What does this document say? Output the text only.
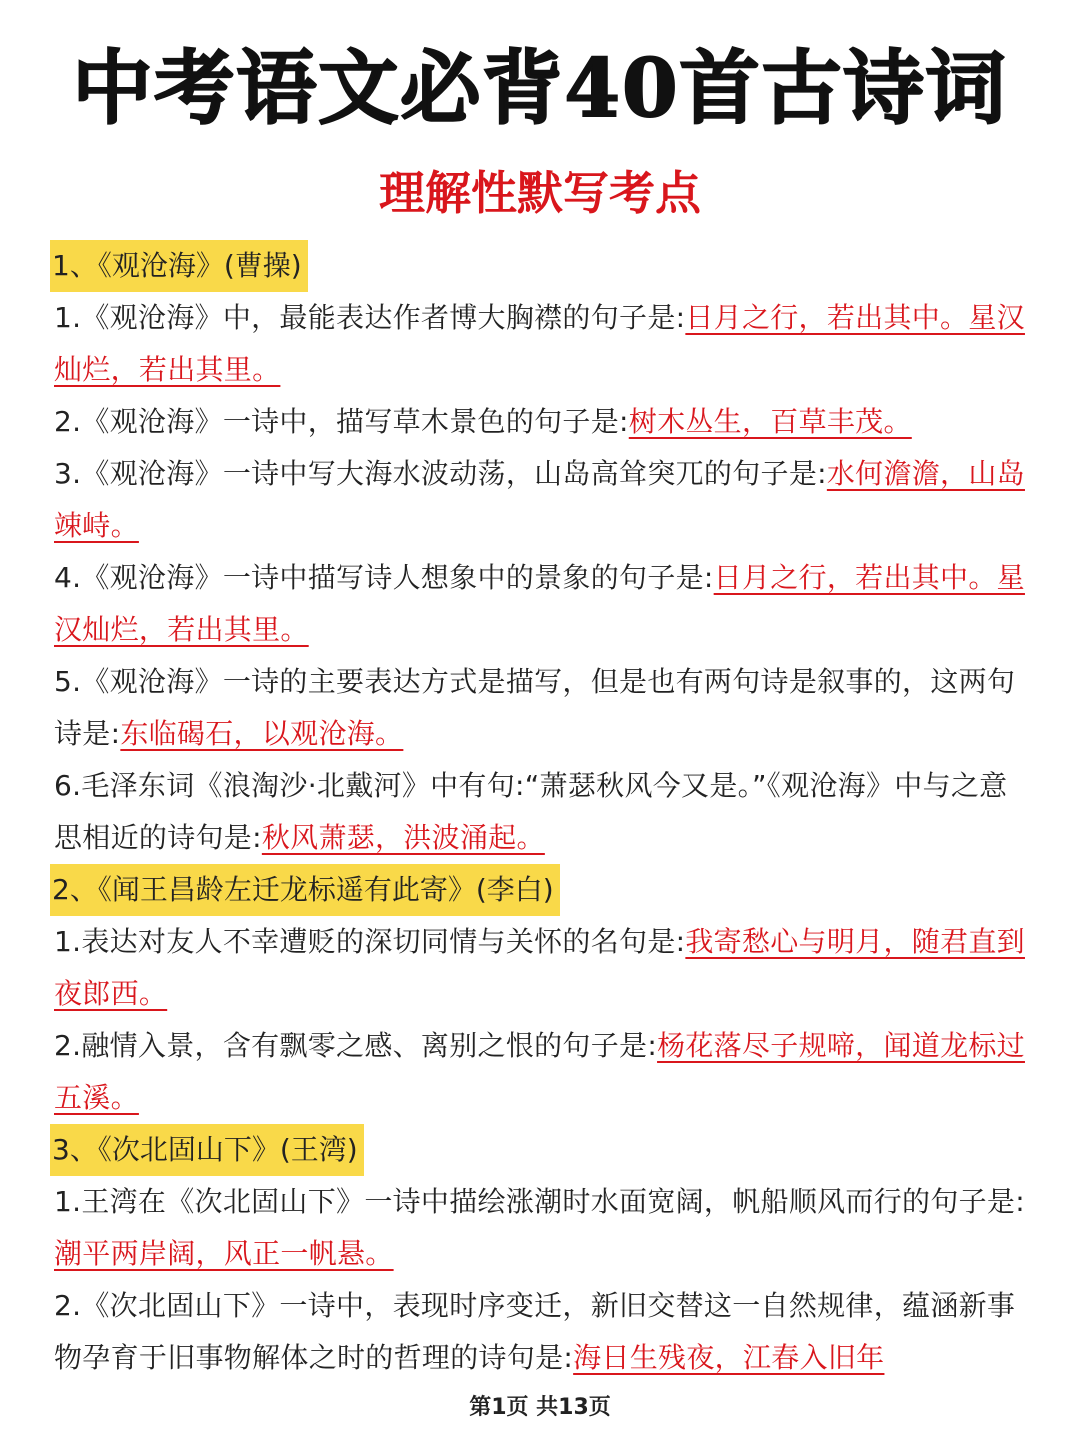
中考语文必背40首古诗词
理解性默写考点
1、《观沧海》(曹操)

1.《观沧海》中，最能表达作者博大胸襟的句子是:日月之行，若出其中。星汉灿烂，若出其里。

2.《观沧海》一诗中，描写草木景色的句子是:树木丛生，百草丰茂。

3.《观沧海》一诗中写大海水波动荡，山岛高耸突兀的句子是:水何澹澹，山岛竦峙。

4.《观沧海》一诗中描写诗人想象中的景象的句子是:日月之行，若出其中。星汉灿烂，若出其里。

5.《观沧海》一诗的主要表达方式是描写，但是也有两句诗是叙事的，这两句诗是:东临碣石，以观沧海。

6.毛泽东词《浪淘沙·北戴河》中有句:“萧瑟秋风今又是。”《观沧海》中与之意思相近的诗句是:秋风萧瑟，洪波涌起。

2、《闻王昌龄左迁龙标遥有此寄》(李白)

1.表达对友人不幸遭贬的深切同情与关怀的名句是:我寄愁心与明月，随君直到夜郎西。

2.融情入景，含有飘零之感、离别之恨的句子是:杨花落尽子规啼，闻道龙标过五溪。

3、《次北固山下》(王湾)

1.王湾在《次北固山下》一诗中描绘涨潮时水面宽阔，帆船顺风而行的句子是: 潮平两岸阔，风正一帆悬。

2.《次北固山下》一诗中，表现时序变迁，新旧交替这一自然规律，蕴涵新事物孕育于旧事物解体之时的哲理的诗句是:海日生残夜，江春入旧年

第1页 共13页
